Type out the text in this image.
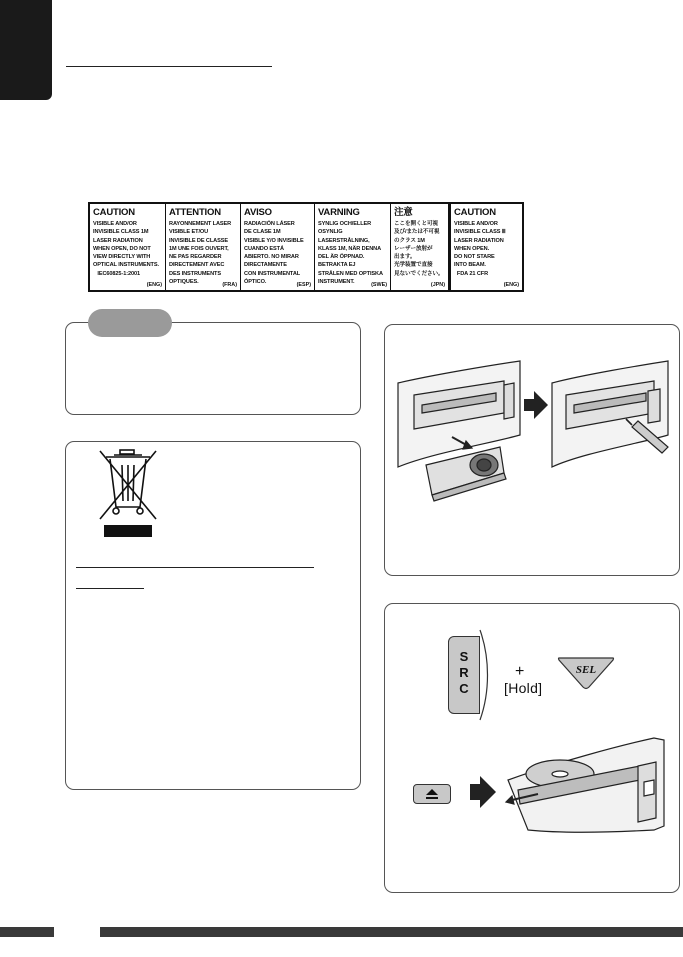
CAUTION
VISIBLE AND/OR
INVISIBLE CLASS 1M
LASER RADIATION
WHEN OPEN, DO NOT
VIEW DIRECTLY WITH
OPTICAL INSTRUMENTS.
IEC60825-1:2001
(ENG)
ATTENTION
RAYONNEMENT LASER
VISIBLE ET/OU
INVISIBLE DE CLASSE
1M UNE FOIS OUVERT,
NE PAS REGARDER
DIRECTEMENT AVEC
DES INSTRUMENTS
OPTIQUES.	(FRA)
AVISO
RADIACIÓN LÁSER
DE CLASE 1M
VISIBLE Y/O INVISIBLE
CUANDO ESTÁ
ABIERTO. NO MIRAR
DIRECTAMENTE
CON INSTRUMENTAL
ÓPTICO.	(ESP)
VARNING
SYNLIG OCH/ELLER
OSYNLIG
LASERSTRÅLNING,
KLASS 1M, NÄR DENNA
DEL ÄR ÖPPNAD.
BETRAKTA EJ
STRÅLEN MED OPTISKA
INSTRUMENT.	(SWE)
注意
ここを開くと可視
及び/または不可視
のクラス 1M
レーザー放射が
出ます。
光学装置で直接
見ないでください。
(JPN)
CAUTION
VISIBLE AND/OR
INVISIBLE CLASS Ⅲ
LASER RADIATION
WHEN OPEN.
DO NOT STARE
INTO BEAM.
FDA 21 CFR
(ENG)
S
R
C
+
[Hold]
SEL
